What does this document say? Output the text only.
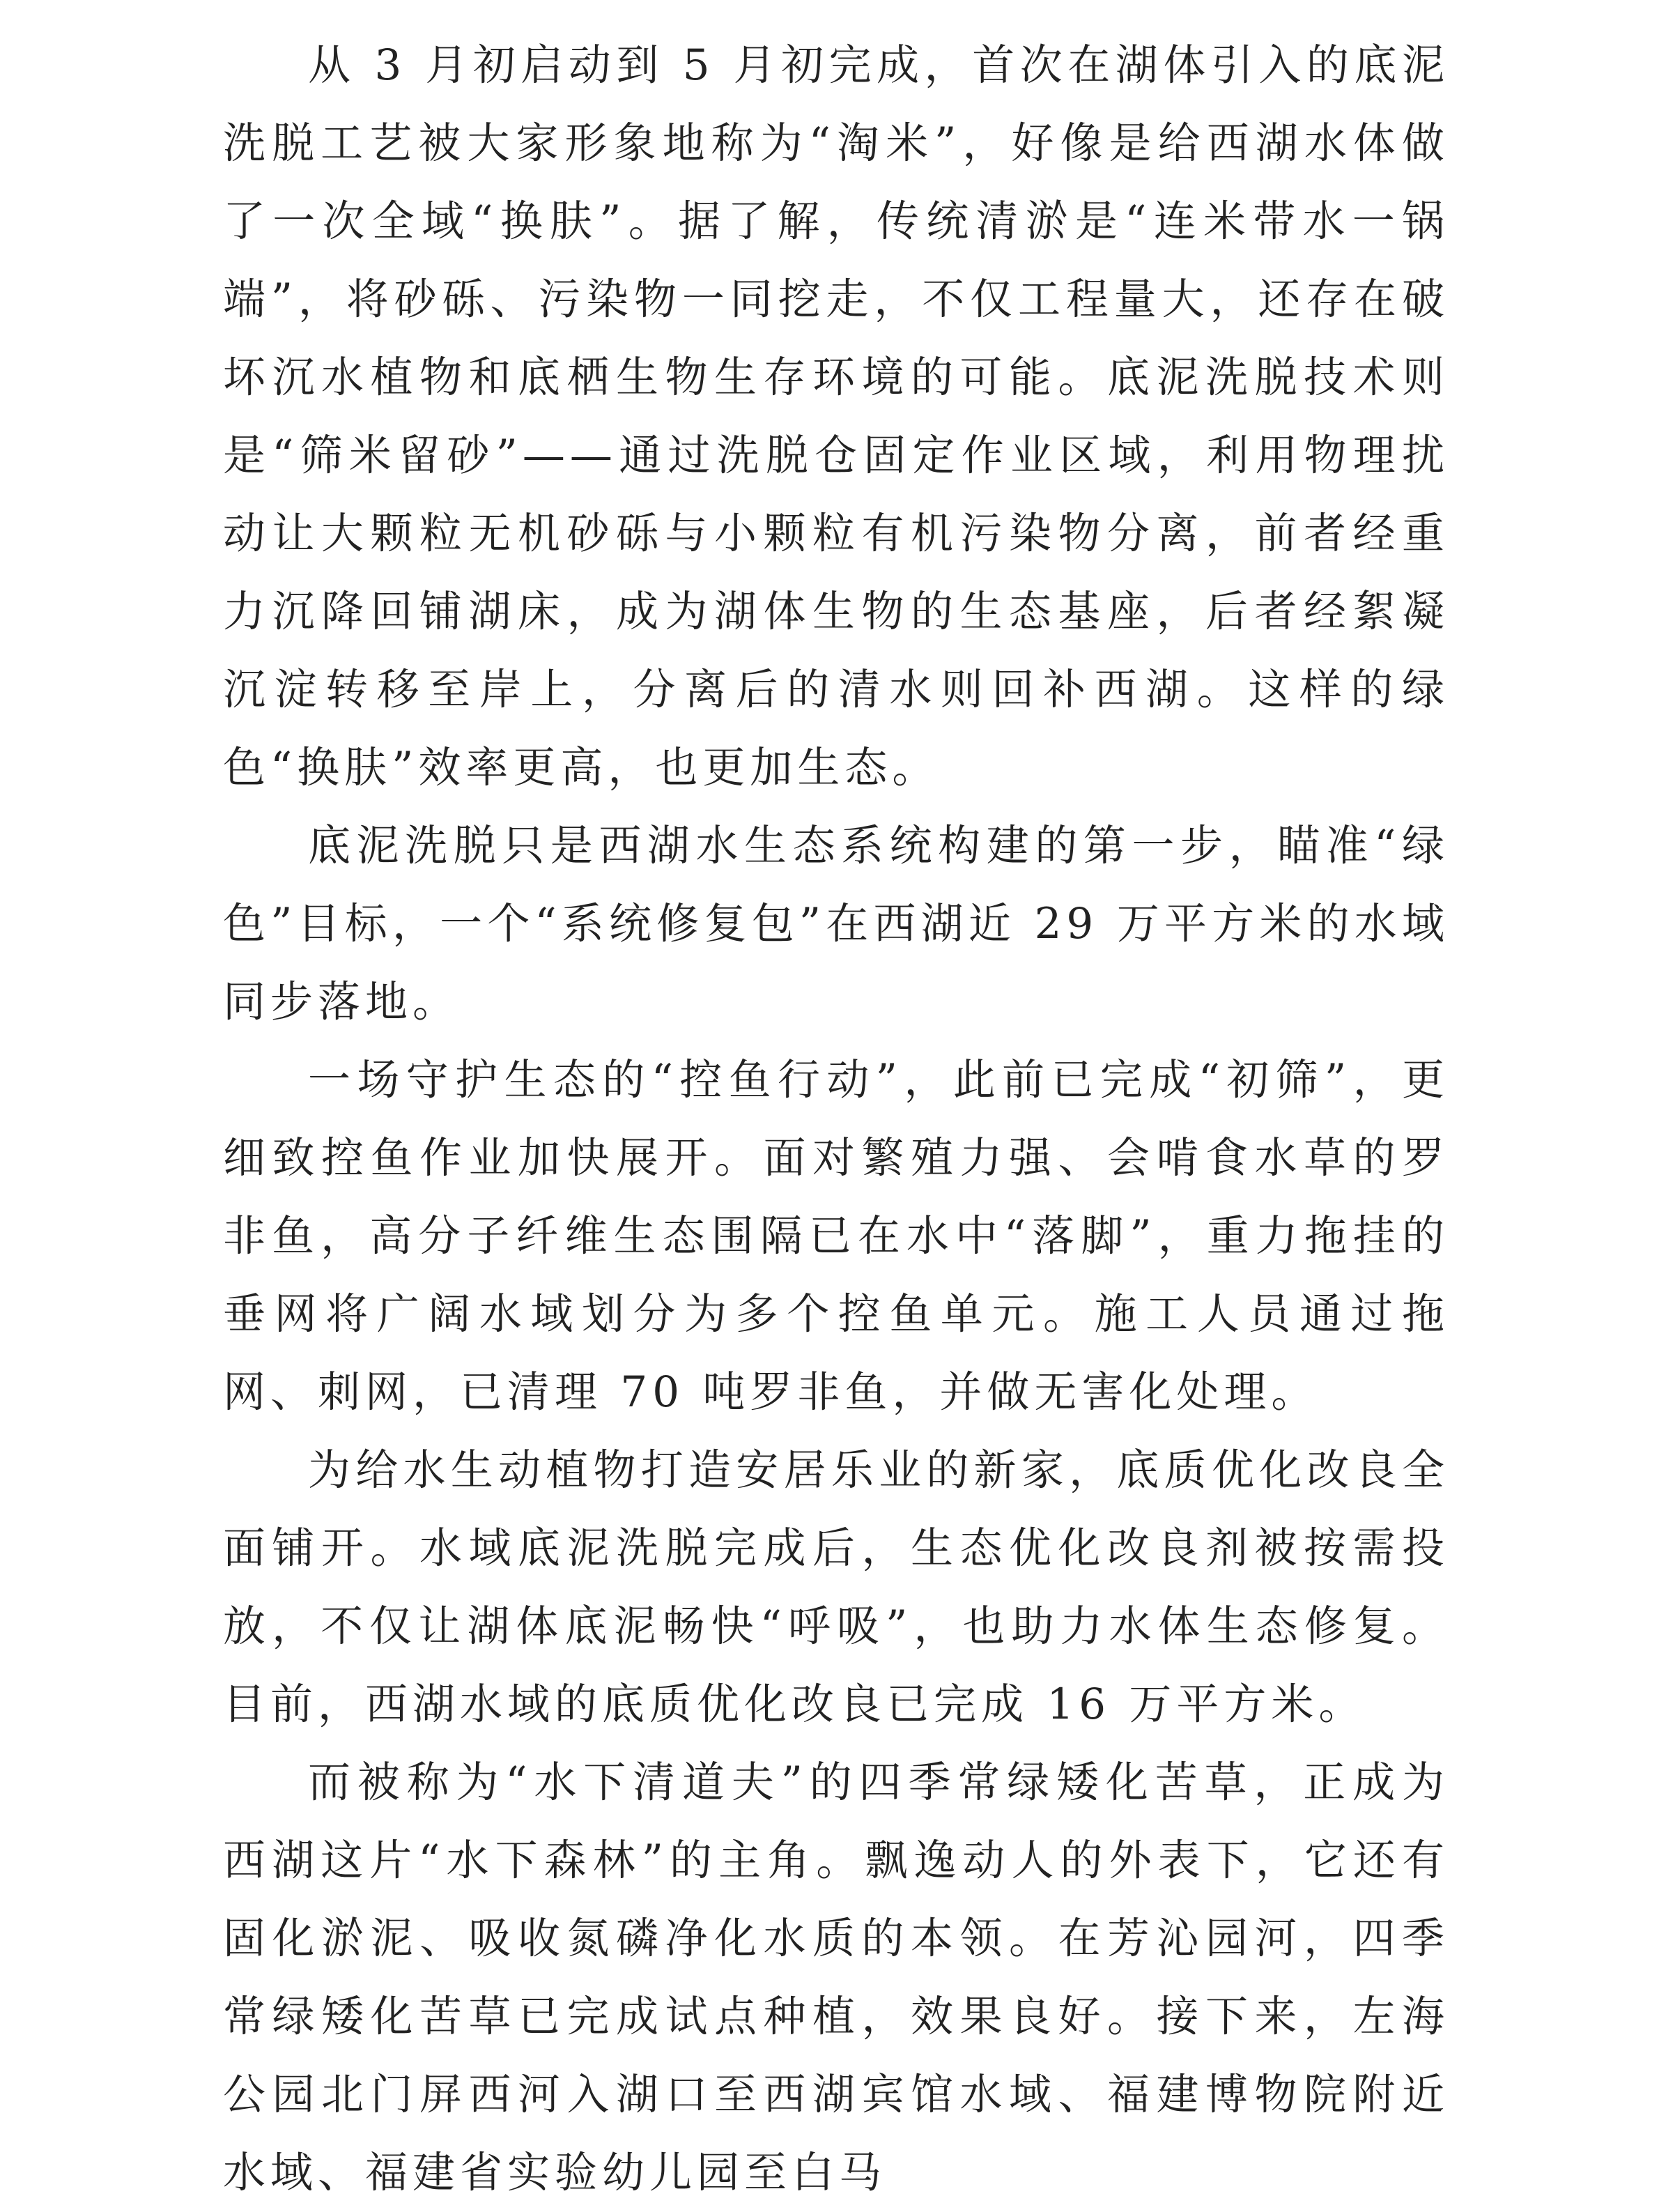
从 3 月初启动到 5 月初完成，首次在湖体引入的底泥洗脱工艺被大家形象地称为“淘米”，好像是给西湖水体做了一次全域“换肤”。据了解，传统清淤是“连米带水一锅端”，将砂砾、污染物一同挖走，不仅工程量大，还存在破坏沉水植物和底栖生物生存环境的可能。底泥洗脱技术则是“筛米留砂”——通过洗脱仓固定作业区域，利用物理扰动让大颗粒无机砂砾与小颗粒有机污染物分离，前者经重力沉降回铺湖床，成为湖体生物的生态基座，后者经絮凝沉淀转移至岸上，分离后的清水则回补西湖。这样的绿色“换肤”效率更高，也更加生态。

底泥洗脱只是西湖水生态系统构建的第一步，瞄准“绿色”目标，一个“系统修复包”在西湖近 29 万平方米的水域同步落地。

一场守护生态的“控鱼行动”，此前已完成“初筛”，更细致控鱼作业加快展开。面对繁殖力强、会啃食水草的罗非鱼，高分子纤维生态围隔已在水中“落脚”，重力拖挂的垂网将广阔水域划分为多个控鱼单元。施工人员通过拖网、刺网，已清理 70 吨罗非鱼，并做无害化处理。

为给水生动植物打造安居乐业的新家，底质优化改良全面铺开。水域底泥洗脱完成后，生态优化改良剂被按需投放，不仅让湖体底泥畅快“呼吸”，也助力水体生态修复。目前，西湖水域的底质优化改良已完成 16 万平方米。

而被称为“水下清道夫”的四季常绿矮化苦草，正成为西湖这片“水下森林”的主角。飘逸动人的外表下，它还有固化淤泥、吸收氮磷净化水质的本领。在芳沁园河，四季常绿矮化苦草已完成试点种植，效果良好。接下来，左海公园北门屏西河入湖口至西湖宾馆水域、福建博物院附近水域、福建省实验幼儿园至白马
